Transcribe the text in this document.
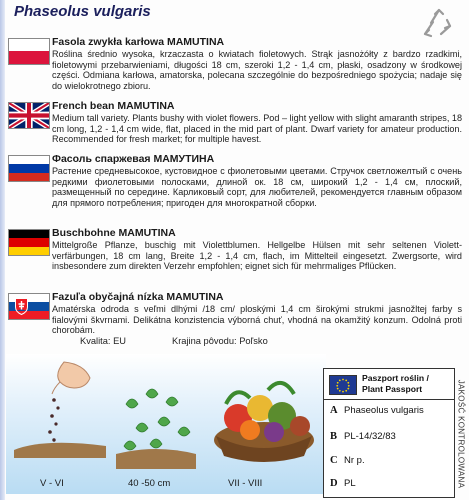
Phaseolus vulgaris
Fasola zwykła karłowa MAMUTINA
Roślina średnio wysoka, krzaczasta o kwiatach fioletowych. Strąk jasnożółty z bardzo rzadkimi, fioletowymi przebarwieniami, długości 18 cm, szeroki 1,2 - 1,4 cm, płaski, osadzony w środkowej części. Odmiana karłowa, amatorska, polecana szczególnie do bezpośredniego spożycia; nadaje się do wielokrotnego zbioru.
French bean MAMUTINA
Medium tall variety. Plants bushy with violet flowers. Pod – light yellow with slight amaranth stripes, 18 cm long, 1,2 - 1,4 cm wide, flat, placed in the mid part of plant. Dwarf variety for amateur production. Recommended for fresh market; for multiple havest.
Фасоль спаржевая МАМУТИНА
Растение средневысокое, кустовидное с фиолетовыми цветами. Стручок светложелтый с очень редкими фиолетовыми полосками, длиной ок. 18 см, широкий 1,2 - 1,4 см, плоский, размещенный по середине. Карликовый сорт, для любителей, рекомендуется главным образом для прямого потребления; пригоден для многократной сборки.
Buschbohne MAMUTINA
Mittelgroße Pflanze, buschig mit Violettblumen. Hellgelbe Hülsen mit sehr seltenen Violett-verfärbungen, 18 cm lang, Breite 1,2 - 1,4 cm, flach, im Mittelteil eingesetzt. Zwergsorte, wird insbesondere zum direkten Verzehr empfohlen; eignet sich für mehrmaliges Pflücken.
Fazuľa obyčajná nízka MAMUTINA
Amatérska odroda s veľmi dlhými /18 cm/ ploskými 1,4 cm širokými strukmi jasnožltej farby s fialovými škvrnami. Delikátna konzistencia výborná chuť, vhodná na okamžitý konzum. Odolná proti chorobám.
Kvalita: EU	Krajina pôvodu: Poľsko
V - VI	40 -50 cm	VII - VIII
Paszport roślin /
Plant Passport
A Phaseolus vulgaris
B PL-14/32/83
C Nr p.
D PL	JAKOŚĆ KONTROLOWANA
